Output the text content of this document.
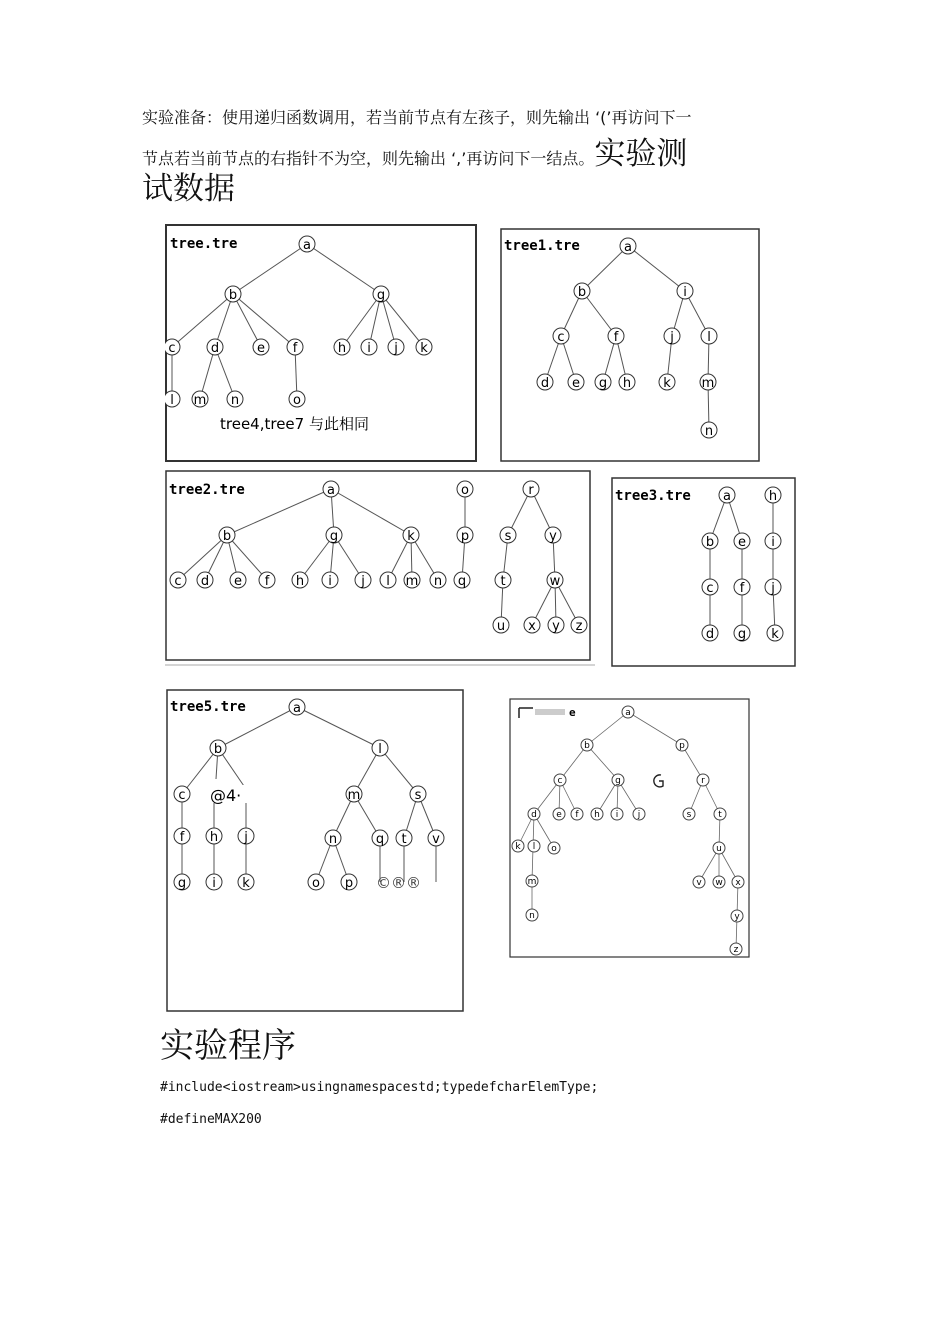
实验准备：使用递归函数调用，若当前节点有左孩子，则先输出 ‘(’再访问下一
节点若当前节点的右指针不为空，则先输出 ‘,’再访问下一结点。实验测
试数据
tree.tre	a
b	g
c	d	e f	h i j k
l m n	o
tree4,tree7 与此相同
tree1.tre	a
b	i
c	f	j	l
d e g h k m
n
tree2.tre	a
b	g	k
c d e f h i j l m n
o
p
q
r
s	y
t	w
u x y z
tree3.tre a	h
b e i
c f j
d g k
tree5.tre	a
b	l
c	m	s
f h j	n	q t v
g i k	o p
@4·
©®®
e	a
b	p
c	g	r
d e f h i j	s	t
k l o	u
m	v w x
n	y
z
实验程序
#include<iostream>usingnamespacestd;typedefcharElemType;
#defineMAX200
